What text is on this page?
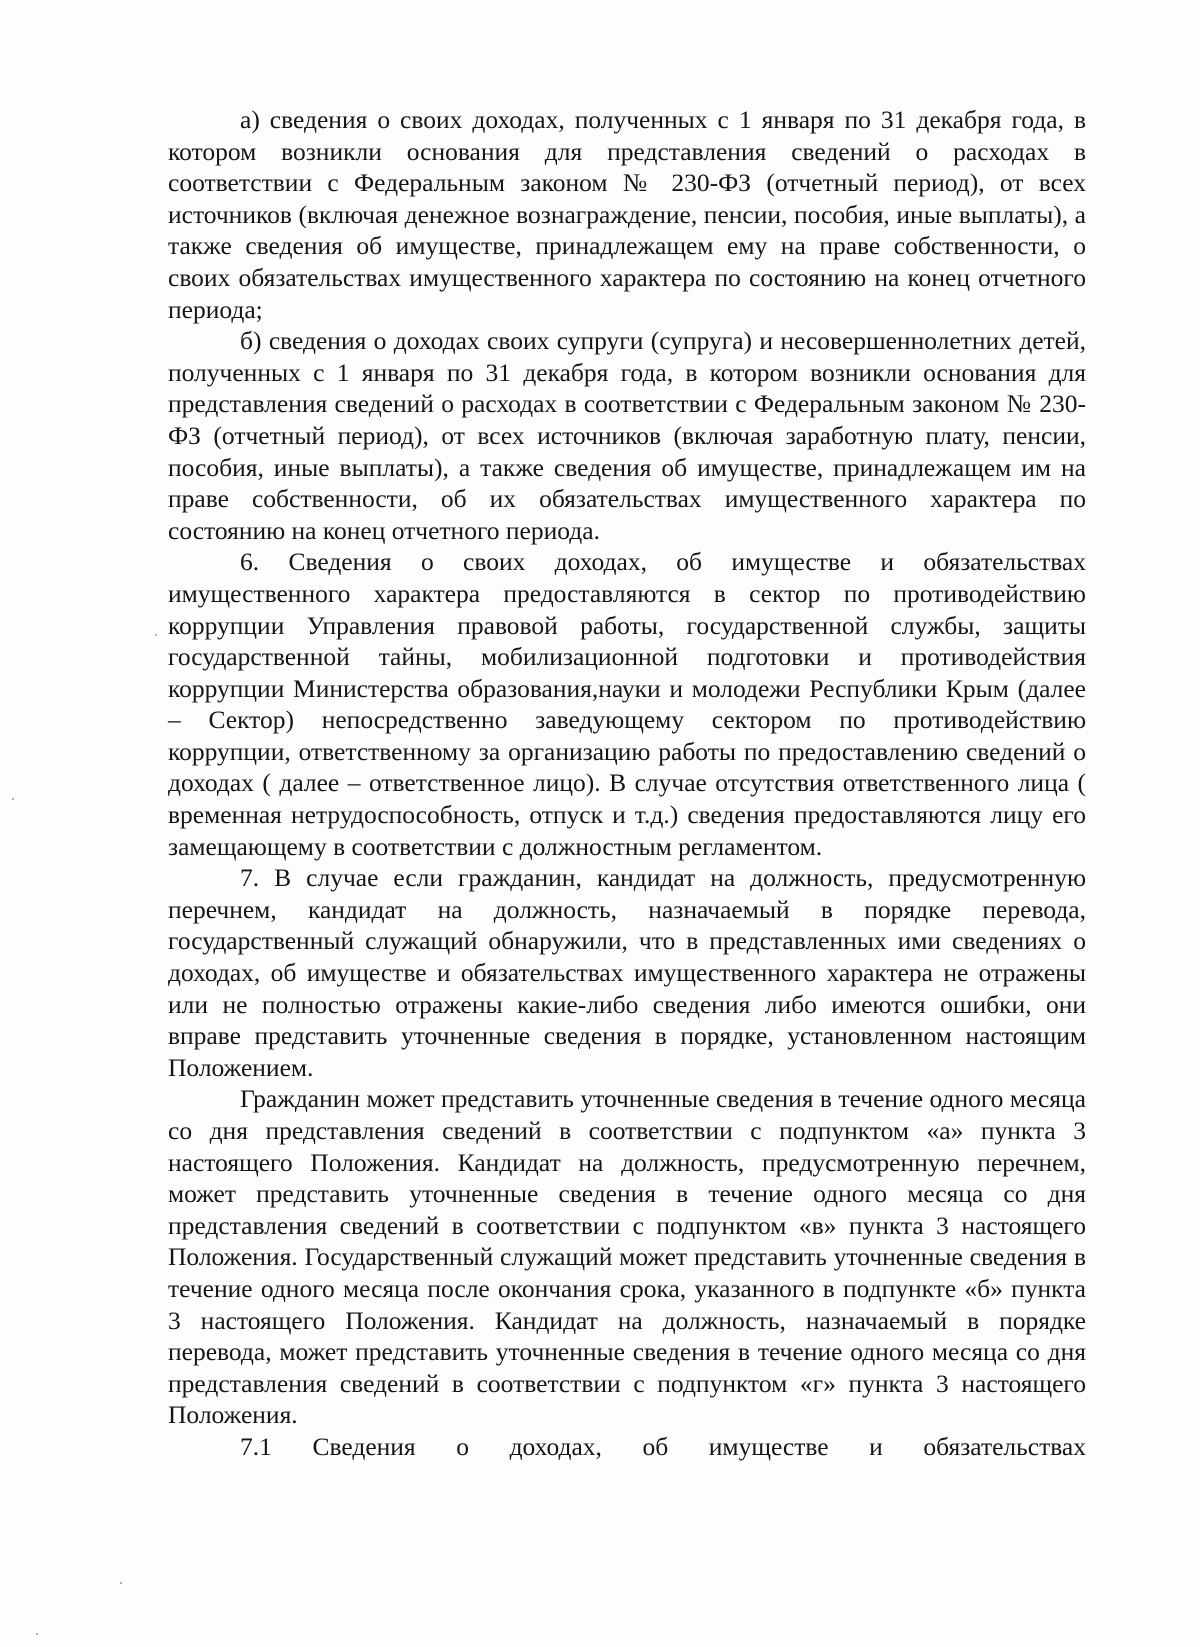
а) сведения о своих доходах, полученных с 1 января по 31 декабря года, в котором возникли основания для представления сведений о расходах в соответствии с Федеральным законом № 230-ФЗ (отчетный период), от всех источников (включая денежное вознаграждение, пенсии, пособия, иные выплаты), а также сведения об имуществе, принадлежащем ему на праве собственности, о своих обязательствах имущественного характера по состоянию на конец отчетного периода;

б) сведения о доходах своих супруги (супруга) и несовершеннолетних детей, полученных с 1 января по 31 декабря года, в котором возникли основания для представления сведений о расходах в соответствии с Федеральным законом № 230-ФЗ (отчетный период), от всех источников (включая заработную плату, пенсии, пособия, иные выплаты), а также сведения об имуществе, принадлежащем им на праве собственности, об их обязательствах имущественного характера по состоянию на конец отчетного периода.

6. Сведения о своих доходах, об имуществе и обязательствах имущественного характера предоставляются в сектор по противодействию коррупции Управления правовой работы, государственной службы, защиты государственной тайны, мобилизационной подготовки и противодействия коррупции Министерства образования,науки и молодежи Республики Крым (далее – Сектор) непосредственно заведующему сектором по противодействию коррупции, ответственному за организацию работы по предоставлению сведений о доходах ( далее – ответственное лицо). В случае отсутствия ответственного лица ( временная нетрудоспособность, отпуск и т.д.) сведения предоставляются лицу его замещающему в соответствии с должностным регламентом.

7. В случае если гражданин, кандидат на должность, предусмотренную перечнем, кандидат на должность, назначаемый в порядке перевода, государственный служащий обнаружили, что в представленных ими сведениях о доходах, об имуществе и обязательствах имущественного характера не отражены или не полностью отражены какие-либо сведения либо имеются ошибки, они вправе представить уточненные сведения в порядке, установленном настоящим Положением.

Гражданин может представить уточненные сведения в течение одного месяца со дня представления сведений в соответствии с подпунктом «а» пункта 3 настоящего Положения. Кандидат на должность, предусмотренную перечнем, может представить уточненные сведения в течение одного месяца со дня представления сведений в соответствии с подпунктом «в» пункта 3 настоящего Положения. Государственный служащий может представить уточненные сведения в течение одного месяца после окончания срока, указанного в подпункте «б» пункта 3 настоящего Положения. Кандидат на должность, назначаемый в порядке перевода, может представить уточненные сведения в течение одного месяца со дня представления сведений в соответствии с подпунктом «г» пункта 3 настоящего Положения.

7.1 Сведения о доходах, об имуществе и обязательствах
